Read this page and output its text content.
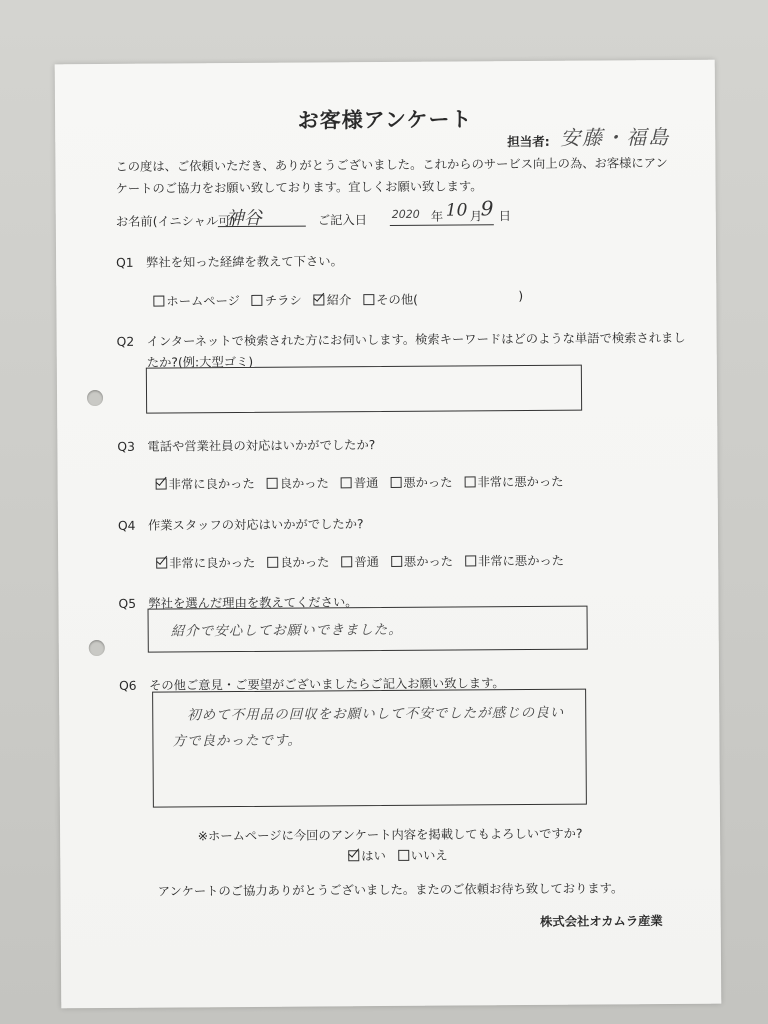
お客様アンケート
担当者: 安藤・福島
この度は、ご依頼いただき、ありがとうございました。これからのサービス向上の為、お客様にアンケートのご協力をお願い致しております。宜しくお願い致します。
お名前(イニシャル可)
神谷	ご記入日 2020 年 10 月
9 日
Q1 弊社を知った経緯を教えて下さい。
ホームページ チラシ 紹介 その他(	)
Q2 インターネットで検索された方にお伺いします。検索キーワードはどのような単語で検索されまし
たか?(例:大型ゴミ)
Q3 電話や営業社員の対応はいかがでしたか?
非常に良かった 良かった 普通 悪かった 非常に悪かった
Q4 作業スタッフの対応はいかがでしたか?
非常に良かった 良かった 普通 悪かった 非常に悪かった
Q5 弊社を選んだ理由を教えてください。
紹介で安心してお願いできました。
Q6 その他ご意見・ご要望がございましたらご記入お願い致します。
初めて不用品の回収をお願いして不安でしたが感じの良い
方で良かったです。
※ホームページに今回のアンケート内容を掲載してもよろしいですか?
はい いいえ
アンケートのご協力ありがとうございました。またのご依頼お待ち致しております。
株式会社オカムラ産業
